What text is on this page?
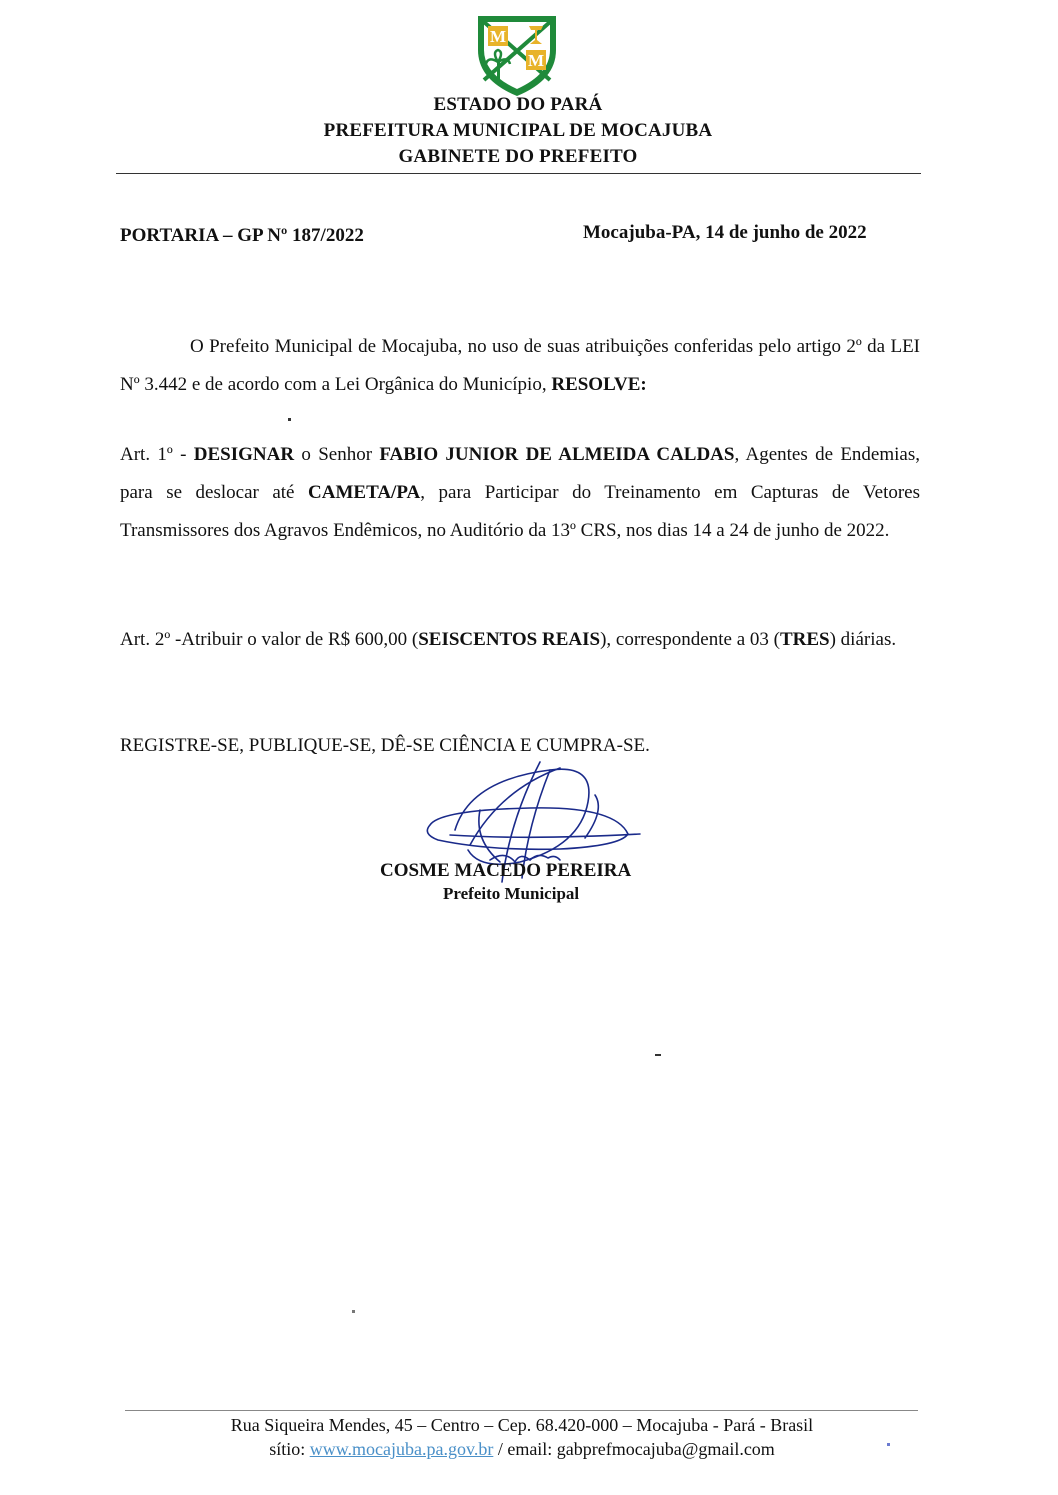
M
M
ESTADO DO PARÁ
PREFEITURA MUNICIPAL DE MOCAJUBA
GABINETE DO PREFEITO
PORTARIA – GP Nº 187/2022	Mocajuba-PA, 14 de junho de 2022
O Prefeito Municipal de Mocajuba, no uso de suas atribuições conferidas pelo artigo 2º da LEI Nº 3.442 e de acordo com a Lei Orgânica do Município, RESOLVE:
Art. 1º - DESIGNAR o Senhor FABIO JUNIOR DE ALMEIDA CALDAS, Agentes de Endemias, para se deslocar até CAMETA/PA, para Participar do Treinamento em Capturas de Vetores Transmissores dos Agravos Endêmicos, no Auditório da 13º CRS, nos dias 14 a 24 de junho de 2022.
Art. 2º -Atribuir o valor de R$ 600,00 (SEISCENTOS REAIS), correspondente a 03 (TRES) diárias.
REGISTRE-SE, PUBLIQUE-SE, DÊ-SE CIÊNCIA E CUMPRA-SE.
COSME MACEDO PEREIRA
Prefeito Municipal
Rua Siqueira Mendes, 45 – Centro – Cep. 68.420-000 – Mocajuba - Pará - Brasil
sítio: www.mocajuba.pa.gov.br / email: gabprefmocajuba@gmail.com
